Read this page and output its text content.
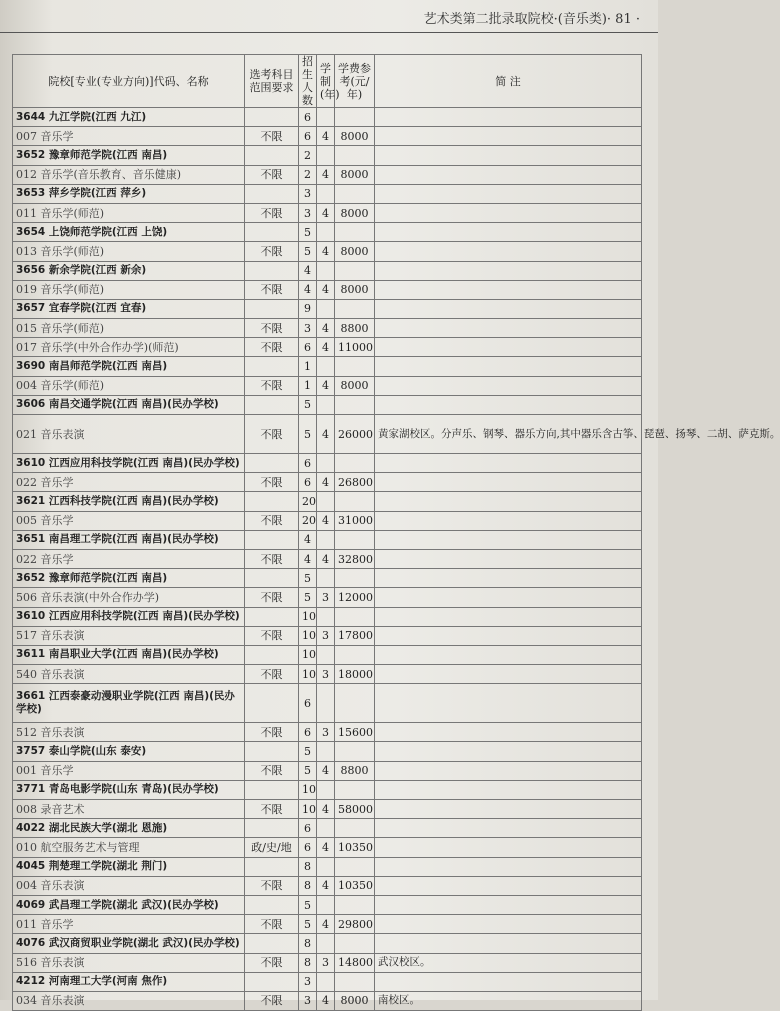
艺术类第二批录取院校·(音乐类)· 81 ·
院校[专业(专业方向)]代码、名称	选考科目范围要求	招生人数	学制(年)	学费参考(元/年)	简 注
3644 九江学院(江西 九江)		6			
007 音乐学	不限	6	4	8000	
3652 豫章师范学院(江西 南昌)		2			
012 音乐学(音乐教育、音乐健康)	不限	2	4	8000	
3653 萍乡学院(江西 萍乡)		3			
011 音乐学(师范)	不限	3	4	8000	
3654 上饶师范学院(江西 上饶)		5			
013 音乐学(师范)	不限	5	4	8000	
3656 新余学院(江西 新余)		4			
019 音乐学(师范)	不限	4	4	8000	
3657 宜春学院(江西 宜春)		9			
015 音乐学(师范)	不限	3	4	8800	
017 音乐学(中外合作办学)(师范)	不限	6	4	11000	
3690 南昌师范学院(江西 南昌)		1			
004 音乐学(师范)	不限	1	4	8000	
3606 南昌交通学院(江西 南昌)(民办学校)		5			
021 音乐表演	不限	5	4	26000	黄家湖校区。分声乐、钢琴、器乐方向,其中器乐含古筝、琵琶、扬琴、二胡、萨克斯。
3610 江西应用科技学院(江西 南昌)(民办学校)		6			
022 音乐学	不限	6	4	26800	
3621 江西科技学院(江西 南昌)(民办学校)		20			
005 音乐学	不限	20	4	31000	
3651 南昌理工学院(江西 南昌)(民办学校)		4			
022 音乐学	不限	4	4	32800	
3652 豫章师范学院(江西 南昌)		5			
506 音乐表演(中外合作办学)	不限	5	3	12000	
3610 江西应用科技学院(江西 南昌)(民办学校)		10			
517 音乐表演	不限	10	3	17800	
3611 南昌职业大学(江西 南昌)(民办学校)		10			
540 音乐表演	不限	10	3	18000	
3661 江西泰豪动漫职业学院(江西 南昌)(民办学校)		6			
512 音乐表演	不限	6	3	15600	
3757 泰山学院(山东 泰安)		5			
001 音乐学	不限	5	4	8800	
3771 青岛电影学院(山东 青岛)(民办学校)		10			
008 录音艺术	不限	10	4	58000	
4022 湖北民族大学(湖北 恩施)		6			
010 航空服务艺术与管理	政/史/地	6	4	10350	
4045 荆楚理工学院(湖北 荆门)		8			
004 音乐表演	不限	8	4	10350	
4069 武昌理工学院(湖北 武汉)(民办学校)		5			
011 音乐学	不限	5	4	29800	
4076 武汉商贸职业学院(湖北 武汉)(民办学校)		8			
516 音乐表演	不限	8	3	14800	武汉校区。
4212 河南理工大学(河南 焦作)		3			
034 音乐表演	不限	3	4	8000	南校区。
